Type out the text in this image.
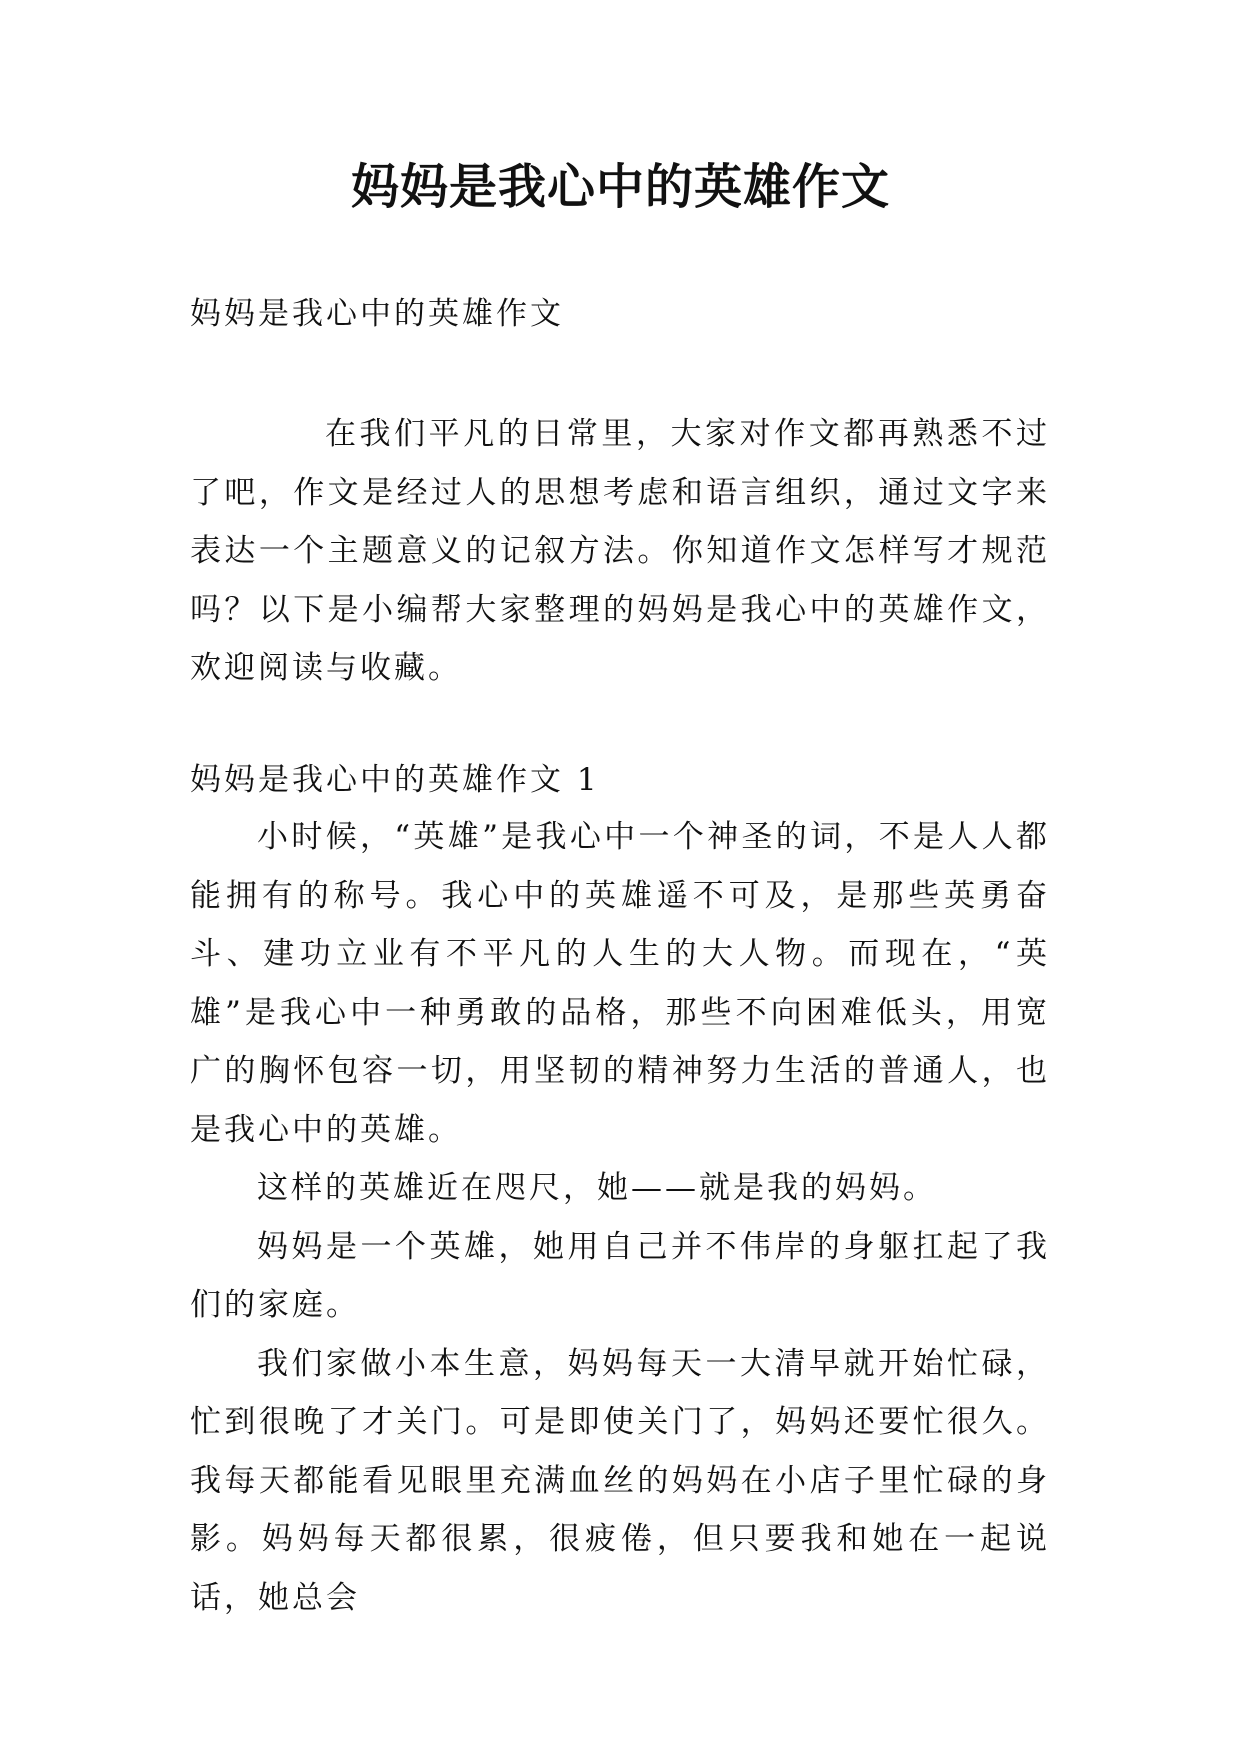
妈妈是我心中的英雄作文
妈妈是我心中的英雄作文

在我们平凡的日常里，大家对作文都再熟悉不过了吧，作文是经过人的思想考虑和语言组织，通过文字来表达一个主题意义的记叙方法。你知道作文怎样写才规范吗？以下是小编帮大家整理的妈妈是我心中的英雄作文，欢迎阅读与收藏。

妈妈是我心中的英雄作文 1

小时候，“英雄”是我心中一个神圣的词，不是人人都能拥有的称号。我心中的英雄遥不可及，是那些英勇奋斗、建功立业有不平凡的人生的大人物。而现在，“英雄”是我心中一种勇敢的品格，那些不向困难低头，用宽广的胸怀包容一切，用坚韧的精神努力生活的普通人，也是我心中的英雄。

这样的英雄近在咫尺，她——就是我的妈妈。

妈妈是一个英雄，她用自己并不伟岸的身躯扛起了我们的家庭。

我们家做小本生意，妈妈每天一大清早就开始忙碌，忙到很晚了才关门。可是即使关门了，妈妈还要忙很久。我每天都能看见眼里充满血丝的妈妈在小店子里忙碌的身影。妈妈每天都很累，很疲倦，但只要我和她在一起说话，她总会
